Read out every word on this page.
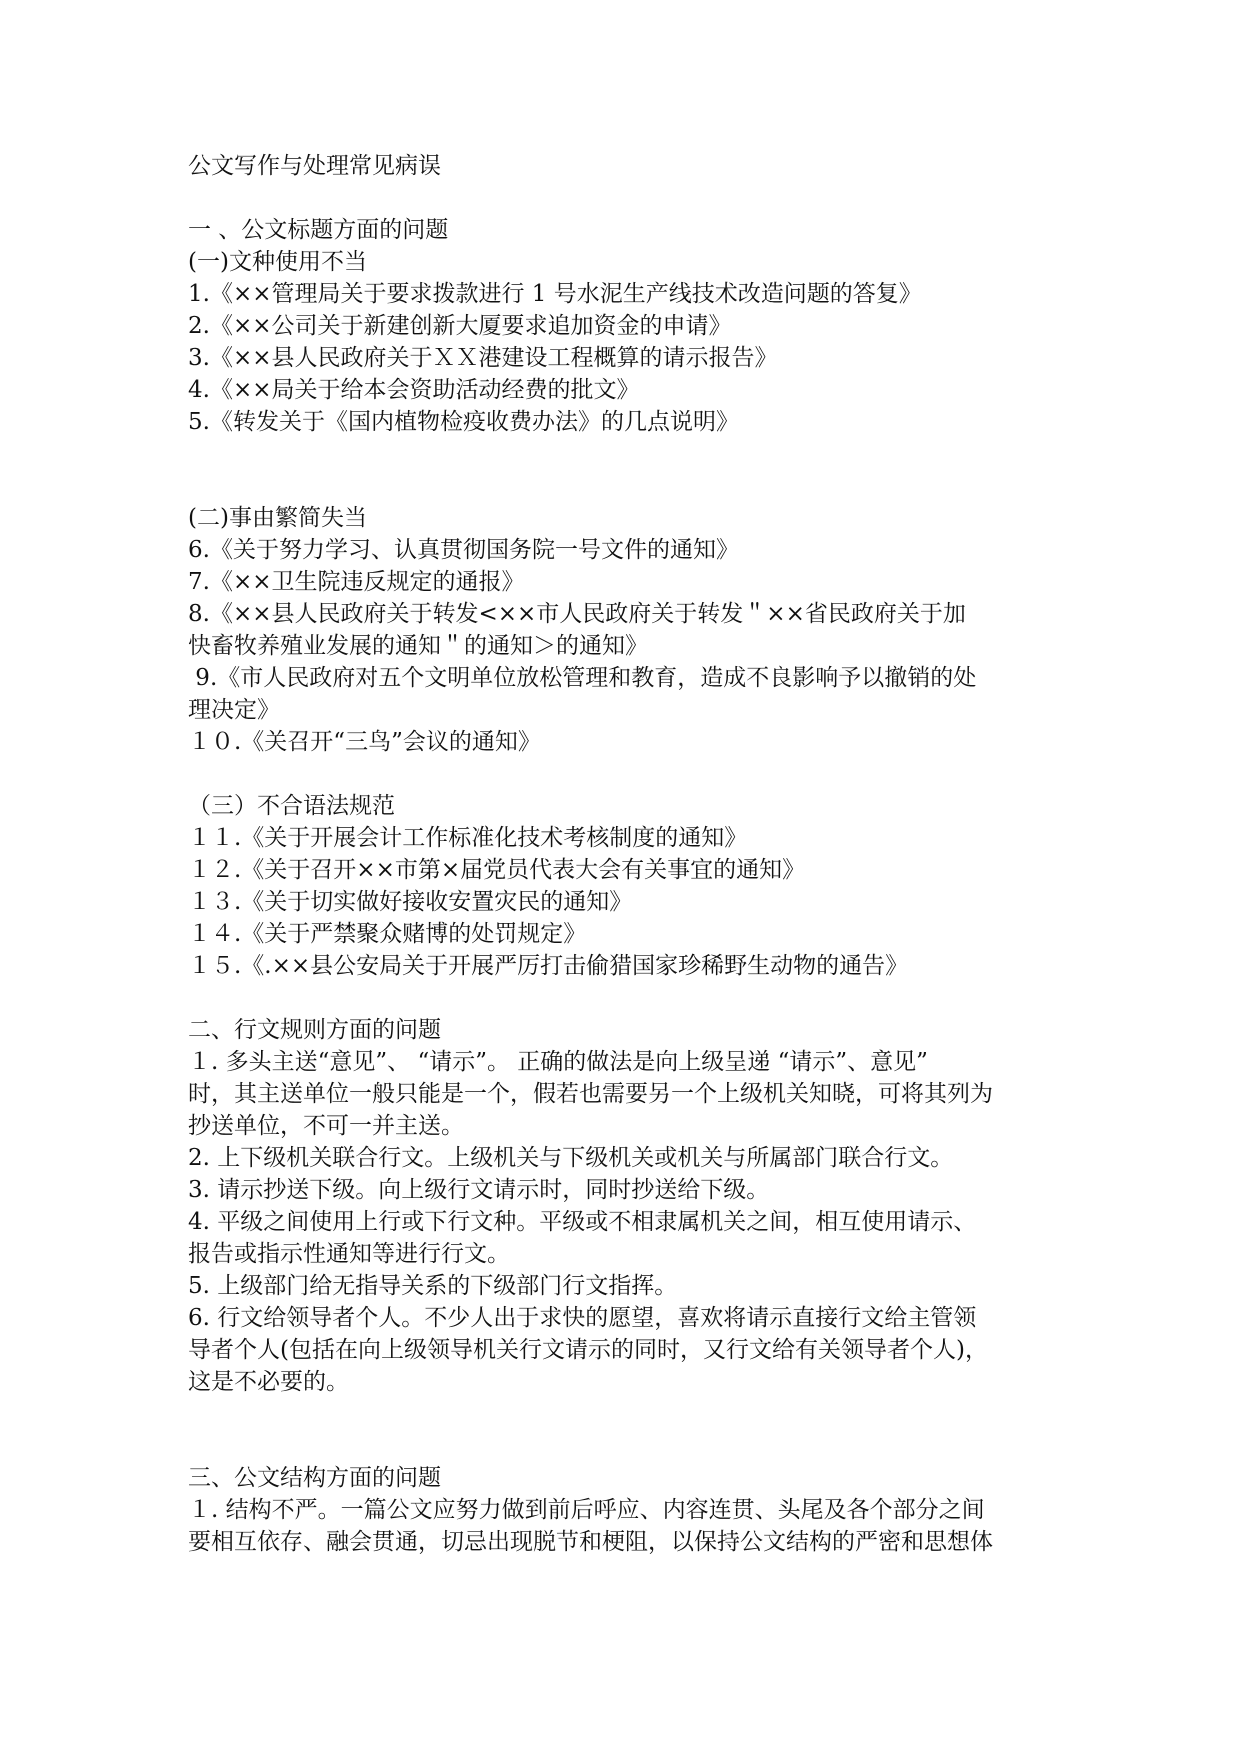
公文写作与处理常见病误
一 、公文标题方面的问题
(一)文种使用不当
1.《××管理局关于要求拨款进行 1 号水泥生产线技术改造问题的答复》
2.《××公司关于新建创新大厦要求追加资金的申请》
3.《××县人民政府关于ＸＸ港建设工程概算的请示报告》
4.《××局关于给本会资助活动经费的批文》
5.《转发关于《国内植物检疫收费办法》的几点说明》
(二)事由繁简失当
6.《关于努力学习、认真贯彻国务院一号文件的通知》
7.《××卫生院违反规定的通报》
8.《××县人民政府关于转发<××市人民政府关于转发＂××省民政府关于加
快畜牧养殖业发展的通知＂的通知＞的通知》
9.《市人民政府对五个文明单位放松管理和教育，造成不良影响予以撤销的处
理决定》
１０.《关召开“三鸟”会议的通知》
（三）不合语法规范
１１.《关于开展会计工作标准化技术考核制度的通知》
１２.《关于召开××市第×届党员代表大会有关事宜的通知》
１３.《关于切实做好接收安置灾民的通知》
１４.《关于严禁聚众赌博的处罚规定》
１５.《.××县公安局关于开展严厉打击偷猎国家珍稀野生动物的通告》
二、行文规则方面的问题
１. 多头主送“意见”、 “请示”。 正确的做法是向上级呈递 “请示”、意见”
时，其主送单位一般只能是一个，假若也需要另一个上级机关知晓，可将其列为
抄送单位，不可一并主送。
2. 上下级机关联合行文。上级机关与下级机关或机关与所属部门联合行文。
3. 请示抄送下级。向上级行文请示时，同时抄送给下级。
4. 平级之间使用上行或下行文种。平级或不相隶属机关之间，相互使用请示、
报告或指示性通知等进行行文。
5. 上级部门给无指导关系的下级部门行文指挥。
6. 行文给领导者个人。不少人出于求快的愿望，喜欢将请示直接行文给主管领
导者个人(包括在向上级领导机关行文请示的同时，又行文给有关领导者个人)，
这是不必要的。
三、公文结构方面的问题
１. 结构不严。一篇公文应努力做到前后呼应、内容连贯、头尾及各个部分之间
要相互依存、融会贯通，切忌出现脱节和梗阻，以保持公文结构的严密和思想体
